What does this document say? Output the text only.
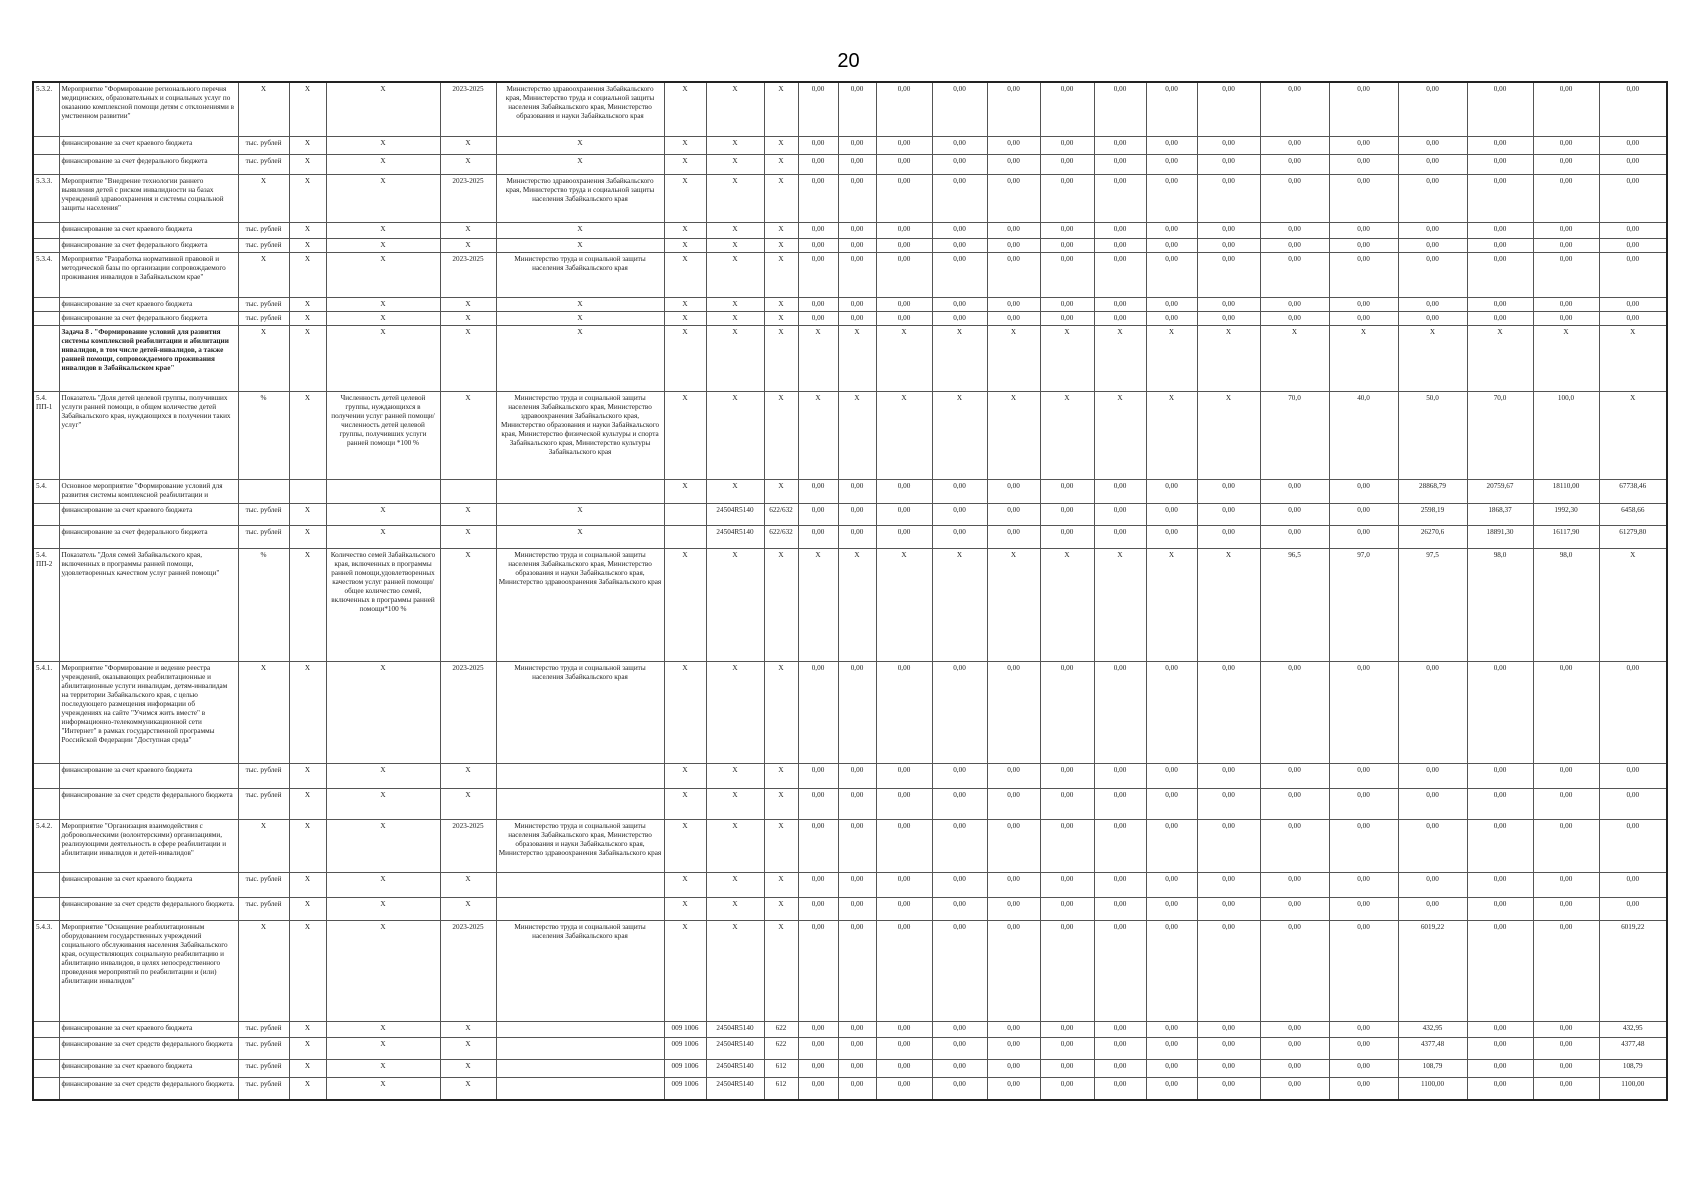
20
5.3.2.	Мероприятие "Формирование регионального перечня медицинских, образовательных и социальных услуг по оказанию комплексной помощи детям с отклонениями в умственном развитии"	X	X	X	2023-2025	Министерство здравоохранения Забайкальского края, Министерство труда и социальной защиты населения Забайкальского края, Министерство образования и науки Забайкальского края	X	X	X	0,00	0,00	0,00	0,00	0,00	0,00	0,00	0,00	0,00	0,00	0,00	0,00	0,00	0,00	0,00
	финансирование за счет краевого бюджета	тыс. рублей	X	X	X	X	X	X	X	0,00	0,00	0,00	0,00	0,00	0,00	0,00	0,00	0,00	0,00	0,00	0,00	0,00	0,00	0,00
	финансирование за счет федерального бюджета	тыс. рублей	X	X	X	X	X	X	X	0,00	0,00	0,00	0,00	0,00	0,00	0,00	0,00	0,00	0,00	0,00	0,00	0,00	0,00	0,00
5.3.3.	Мероприятие "Внедрение технологии раннего выявления детей с риском инвалидности на базах учреждений здравоохранения и системы социальной защиты населения"	X	X	X	2023-2025	Министерство здравоохранения Забайкальского края, Министерство труда и социальной защиты населения Забайкальского края	X	X	X	0,00	0,00	0,00	0,00	0,00	0,00	0,00	0,00	0,00	0,00	0,00	0,00	0,00	0,00	0,00
	финансирование за счет краевого бюджета	тыс. рублей	X	X	X	X	X	X	X	0,00	0,00	0,00	0,00	0,00	0,00	0,00	0,00	0,00	0,00	0,00	0,00	0,00	0,00	0,00
	финансирование за счет федерального бюджета	тыс. рублей	X	X	X	X	X	X	X	0,00	0,00	0,00	0,00	0,00	0,00	0,00	0,00	0,00	0,00	0,00	0,00	0,00	0,00	0,00
5.3.4.	Мероприятие "Разработка нормативной правовой и методической базы по организации сопровождаемого проживания инвалидов в Забайкальском крае"	X	X	X	2023-2025	Министерство труда и социальной защиты населения Забайкальского края	X	X	X	0,00	0,00	0,00	0,00	0,00	0,00	0,00	0,00	0,00	0,00	0,00	0,00	0,00	0,00	0,00
	финансирование за счет краевого бюджета	тыс. рублей	X	X	X	X	X	X	X	0,00	0,00	0,00	0,00	0,00	0,00	0,00	0,00	0,00	0,00	0,00	0,00	0,00	0,00	0,00
	финансирование за счет федерального бюджета	тыс. рублей	X	X	X	X	X	X	X	0,00	0,00	0,00	0,00	0,00	0,00	0,00	0,00	0,00	0,00	0,00	0,00	0,00	0,00	0,00
	Задача 8 . "Формирование условий для развития системы комплексной реабилитации и абилитации инвалидов, в том числе детей-инвалидов, а также ранней помощи, сопровождаемого проживания инвалидов в Забайкальском крае"	X	X	X	X	X	X	X	X	X	X	X	X	X	X	X	X	X	X	X	X	X	X	X
5.4. ПП-1	Показатель "Доля детей целевой группы, получивших услуги ранней помощи, в общем количестве детей Забайкальского края, нуждающихся в получении таких услуг"	%	X	Численность детей целевой группы, нуждающихся в получении услуг ранней помощи/численность детей целевой группы, получивших услуги ранней помощи *100 %	X	Министерство труда и социальной защиты населения Забайкальского края, Министерство здравоохранения Забайкальского края, Министерство образования и науки Забайкальского края, Министерство физической культуры и спорта Забайкальского края, Министерство культуры Забайкальского края	X	X	X	X	X	X	X	X	X	X	X	X	70,0	40,0	50,0	70,0	100,0	X
5.4.	Основное мероприятие "Формирование условий для развития системы комплексной реабилитации и						X	X	X	0,00	0,00	0,00	0,00	0,00	0,00	0,00	0,00	0,00	0,00	0,00	28868,79	20759,67	18110,00	67738,46
	финансирование за счет краевого бюджета	тыс. рублей	X	X	X	X		24504R5140	622/632	0,00	0,00	0,00	0,00	0,00	0,00	0,00	0,00	0,00	0,00	0,00	2598,19	1868,37	1992,30	6458,66
	финансирование за счет федерального бюджета	тыс. рублей	X	X	X	X		24504R5140	622/632	0,00	0,00	0,00	0,00	0,00	0,00	0,00	0,00	0,00	0,00	0,00	26270,6	18891,30	16117,90	61279,80
5.4. ПП-2	Показатель "Доля семей Забайкальского края, включенных в программы ранней помощи, удовлетворенных качеством услуг ранней помощи"	%	X	Количество семей Забайкальского края, включенных в программы ранней помощи,удовлетворенных качеством услуг ранней помощи/общее количество семей, включенных в программы ранней помощи*100 %	X	Министерство труда и социальной защиты населения Забайкальского края, Министерство образования и науки Забайкальского края, Министерство здравоохранения Забайкальского края	X	X	X	X	X	X	X	X	X	X	X	X	96,5	97,0	97,5	98,0	98,0	X
5.4.1.	Мероприятие "Формирование и ведение реестра учреждений, оказывающих реабилитационные и абилитационные услуги инвалидам, детям-инвалидам на территории Забайкальского края, с целью последующего размещения информации об учреждениях на сайте "Учимся жить вместе" в информационно-телекоммуникационной сети "Интернет" в рамках государственной программы Российской Федерации "Доступная среда"	X	X	X	2023-2025	Министерство труда и социальной защиты населения Забайкальского края	X	X	X	0,00	0,00	0,00	0,00	0,00	0,00	0,00	0,00	0,00	0,00	0,00	0,00	0,00	0,00	0,00
	финансирование за счет краевого бюджета	тыс. рублей	X	X	X		X	X	X	0,00	0,00	0,00	0,00	0,00	0,00	0,00	0,00	0,00	0,00	0,00	0,00	0,00	0,00	0,00
	финансирование за счет средств федерального бюджета	тыс. рублей	X	X	X		X	X	X	0,00	0,00	0,00	0,00	0,00	0,00	0,00	0,00	0,00	0,00	0,00	0,00	0,00	0,00	0,00
5.4.2.	Мероприятие "Организация взаимодействия с добровольческими (волонтерскими) организациями, реализующими деятельность в сфере реабилитации и абилитации инвалидов и детей-инвалидов"	X	X	X	2023-2025	Министерство труда и социальной защиты населения Забайкальского края, Министерство образования и науки Забайкальского края, Министерство здравоохранения Забайкальского края	X	X	X	0,00	0,00	0,00	0,00	0,00	0,00	0,00	0,00	0,00	0,00	0,00	0,00	0,00	0,00	0,00
	финансирование за счет краевого бюджета	тыс. рублей	X	X	X		X	X	X	0,00	0,00	0,00	0,00	0,00	0,00	0,00	0,00	0,00	0,00	0,00	0,00	0,00	0,00	0,00
	финансирование за счет средств федерального бюджета.	тыс. рублей	X	X	X		X	X	X	0,00	0,00	0,00	0,00	0,00	0,00	0,00	0,00	0,00	0,00	0,00	0,00	0,00	0,00	0,00
5.4.3.	Мероприятие "Оснащение реабилитационным оборудованием государственных учреждений социального обслуживания населения Забайкальского края, осуществляющих социальную реабилитацию и абилитацию инвалидов, в целях непосредственного проведения мероприятий по реабилитации и (или) абилитации инвалидов"	X	X	X	2023-2025	Министерство труда и социальной защиты населения Забайкальского края	X	X	X	0,00	0,00	0,00	0,00	0,00	0,00	0,00	0,00	0,00	0,00	0,00	6019,22	0,00	0,00	6019,22
	финансирование за счет краевого бюджета	тыс. рублей	X	X	X		009 1006	24504R5140	622	0,00	0,00	0,00	0,00	0,00	0,00	0,00	0,00	0,00	0,00	0,00	432,95	0,00	0,00	432,95
	финансирование за счет средств федерального бюджета	тыс. рублей	X	X	X		009 1006	24504R5140	622	0,00	0,00	0,00	0,00	0,00	0,00	0,00	0,00	0,00	0,00	0,00	4377,48	0,00	0,00	4377,48
	финансирование за счет краевого бюджета	тыс. рублей	X	X	X		009 1006	24504R5140	612	0,00	0,00	0,00	0,00	0,00	0,00	0,00	0,00	0,00	0,00	0,00	108,79	0,00	0,00	108,79
	финансирование за счет средств федерального бюджета.	тыс. рублей	X	X	X		009 1006	24504R5140	612	0,00	0,00	0,00	0,00	0,00	0,00	0,00	0,00	0,00	0,00	0,00	1100,00	0,00	0,00	1100,00
